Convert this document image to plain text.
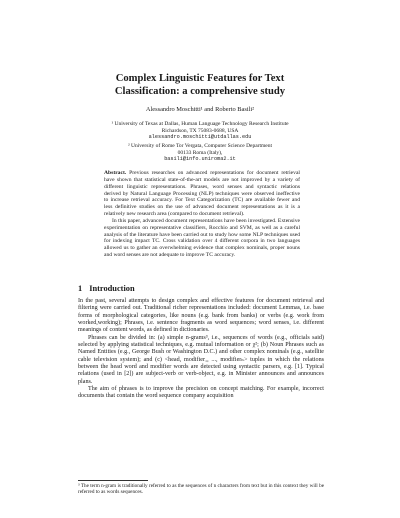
Complex Linguistic Features for Text
Classification: a comprehensive study
Alessandro Moschitti¹ and Roberto Basili²
¹ University of Texas at Dallas, Human Language Technology Research Institute
Richardson, TX 75083-0688, USA
alessandro.moschitti@utdallas.edu
² University of Rome Tor Vergata, Computer Science Department
00133 Roma (Italy),
basili@info.uniroma2.it

Abstract. Previous researches on advanced representations for document retrieval have shown that statistical state-of-the-art models are not improved by a variety of different linguistic representations. Phrases, word senses and syntactic relations derived by Natural Language Processing (NLP) techniques were observed ineffective to increase retrieval accuracy. For Text Categorization (TC) are available fewer and less definitive studies on the use of advanced document representations as it is a relatively new research area (compared to document retrieval).

In this paper, advanced document representations have been investigated. Extensive experimentation on representative classifiers, Rocchio and SVM, as well as a careful analysis of the literature have been carried out to study how some NLP techniques used for indexing impact TC. Cross validation over 4 different corpora in two languages allowed us to gather an overwhelming evidence that complex nominals, proper nouns and word senses are not adequate to improve TC accuracy.

1 Introduction

In the past, several attempts to design complex and effective features for document retrieval and filtering were carried out. Traditional richer representations included: document Lemmas, i.e. base forms of morphological categories, like nouns (e.g. bank from banks) or verbs (e.g. work from worked,working); Phrases, i.e. sentence fragments as word sequences; word senses, i.e. different meanings of content words, as defined in dictionaries.

Phrases can be divided in: (a) simple n-grams³, i.e., sequences of words (e.g., officials said) selected by applying statistical techniques, e.g. mutual information or χ²; (b) Noun Phrases such as Named Entities (e.g., George Bush or Washington D.C.) and other complex nominals (e.g., satellite cable television system); and (c) <head, modifier₁, ..., modifierₙ> tuples in which the relations between the head word and modifier words are detected using syntactic parsers, e.g. [1]. Typical relations (used in [2]) are subject-verb or verb-object, e.g. in Minister announces and announces plans.

The aim of phrases is to improve the precision on concept matching. For example, incorrect documents that contain the word sequence company acquisition

³ The term n-gram is traditionally referred to as the sequences of n characters from text but in this context they will be referred to as words sequences.
